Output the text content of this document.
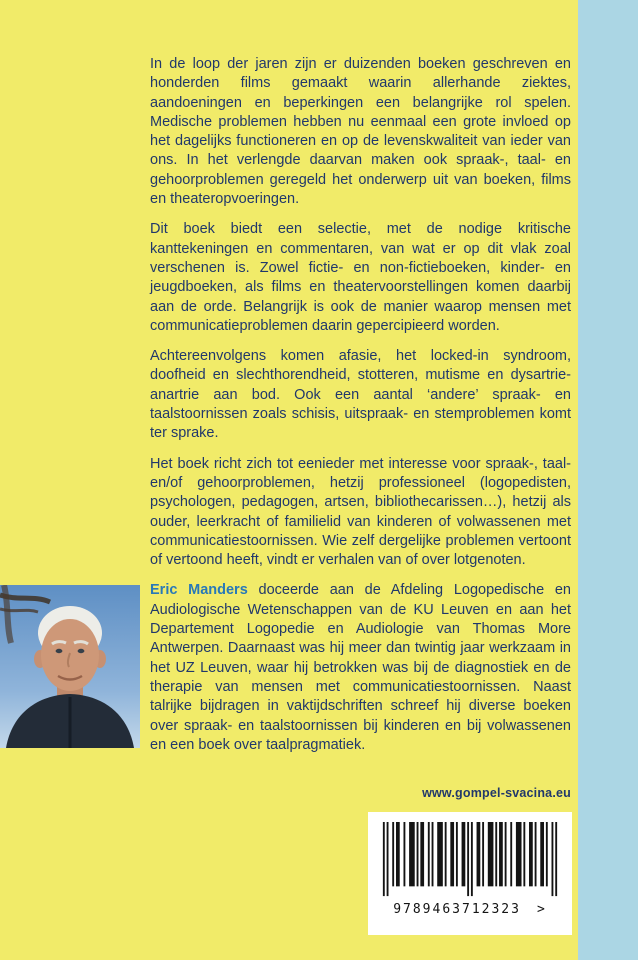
In de loop der jaren zijn er duizenden boeken geschreven en honderden films gemaakt waarin allerhande ziektes, aandoeningen en beperkingen een belangrijke rol spelen. Medische problemen hebben nu eenmaal een grote invloed op het dagelijks functioneren en op de levenskwaliteit van ieder van ons. In het verlengde daarvan maken ook spraak-, taal- en gehoorproblemen geregeld het onderwerp uit van boeken, films en theateropvoeringen.

Dit boek biedt een selectie, met de nodige kritische kanttekeningen en commentaren, van wat er op dit vlak zoal verschenen is. Zowel fictie- en non-fictieboeken, kinder- en jeugdboeken, als films en theatervoorstellingen komen daarbij aan de orde. Belangrijk is ook de manier waarop mensen met communicatieproblemen daarin gepercipieerd worden.

Achtereenvolgens komen afasie, het locked-in syndroom, doofheid en slechthorendheid, stotteren, mutisme en dysartrie-anartrie aan bod. Ook een aantal ‘andere’ spraak- en taalstoornissen zoals schisis, uitspraak- en stemproblemen komt ter sprake.

Het boek richt zich tot eenieder met interesse voor spraak-, taal- en/of gehoorproblemen, hetzij professioneel (logopedisten, psychologen, pedagogen, artsen, bibliothecarissen…), hetzij als ouder, leerkracht of familielid van kinderen of volwassenen met communicatiestoornissen. Wie zelf dergelijke problemen vertoont of vertoond heeft, vindt er verhalen van of over lotgenoten.

Eric Manders doceerde aan de Afdeling Logopedische en Audiologische Wetenschappen van de KU Leuven en aan het Departement Logopedie en Audiologie van Thomas More Antwerpen. Daarnaast was hij meer dan twintig jaar werkzaam in het UZ Leuven, waar hij betrokken was bij de diagnostiek en de therapie van mensen met communicatiestoornissen. Naast talrijke bijdragen in vaktijdschriften schreef hij diverse boeken over spraak- en taalstoornissen bij kinderen en bij volwassenen en een boek over taalpragmatiek.

www.gompel-svacina.eu
9789463712323 >
